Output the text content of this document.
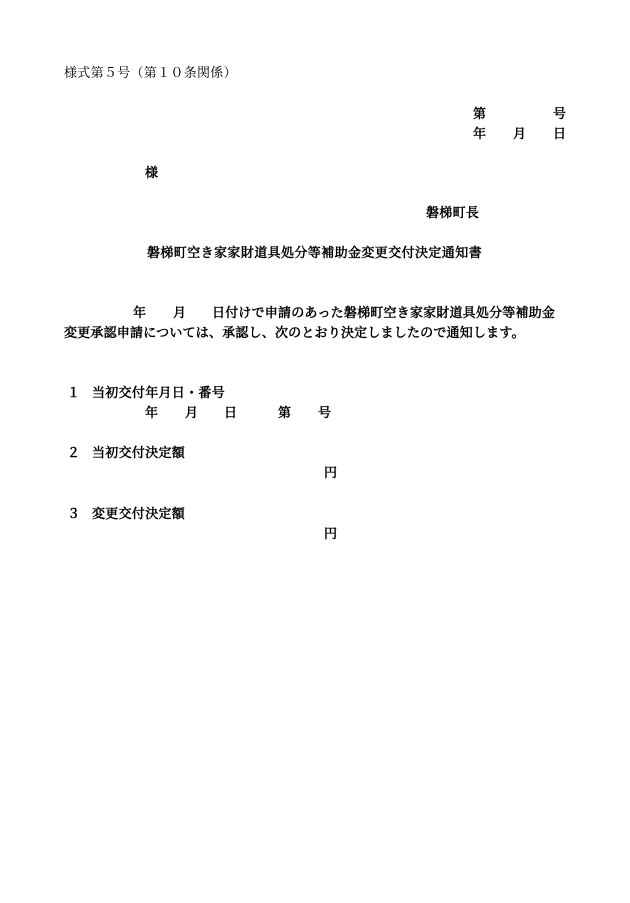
様式第５号（第１０条関係）
第	号
年 月 日
様
磐梯町長
磐梯町空き家家財道具処分等補助金変更交付決定通知書
年 月 日付けで申請のあった磐梯町空き家家財道具処分等補助金
変更承認申請については、承認し、次のとおり決定しましたので通知します。
１ 当初交付年月日・番号
年 月 日	第 号
２ 当初交付決定額
円
３ 変更交付決定額
円
